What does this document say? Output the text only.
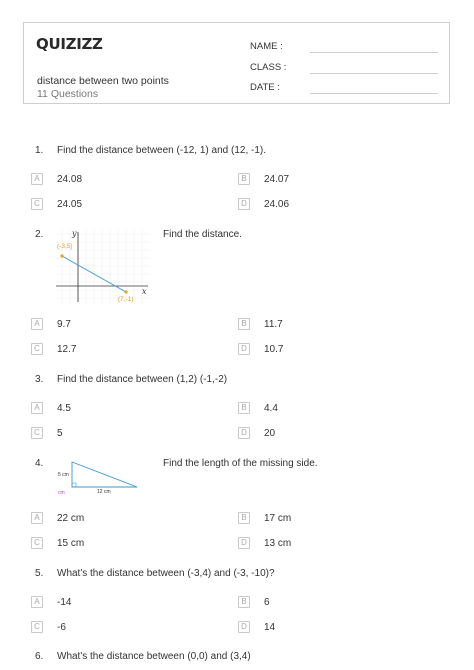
QUIZIZZ
distance between two points
11 Questions
NAME :
CLASS :
DATE :
1. Find the distance between (-12, 1) and (12, -1).
A	24.08	B	24.07
C	24.05	D	24.06
2.	y
x
(-3,5)
(7,-1)
Find the distance.
A	9.7	B	11.7
C	12.7	D	10.7
3. Find the distance between (1,2) (-1,-2)
A	4.5	B	4.4
C	5	D	20
4.
5 cm
12 cm
cm
Find the length of the missing side.
A	22 cm	B	17 cm
C	15 cm	D	13 cm
5. What's the distance between (-3,4) and (-3, -10)?
A	-14	B	6
C	-6	D	14
6. What's the distance between (0,0) and (3,4)
